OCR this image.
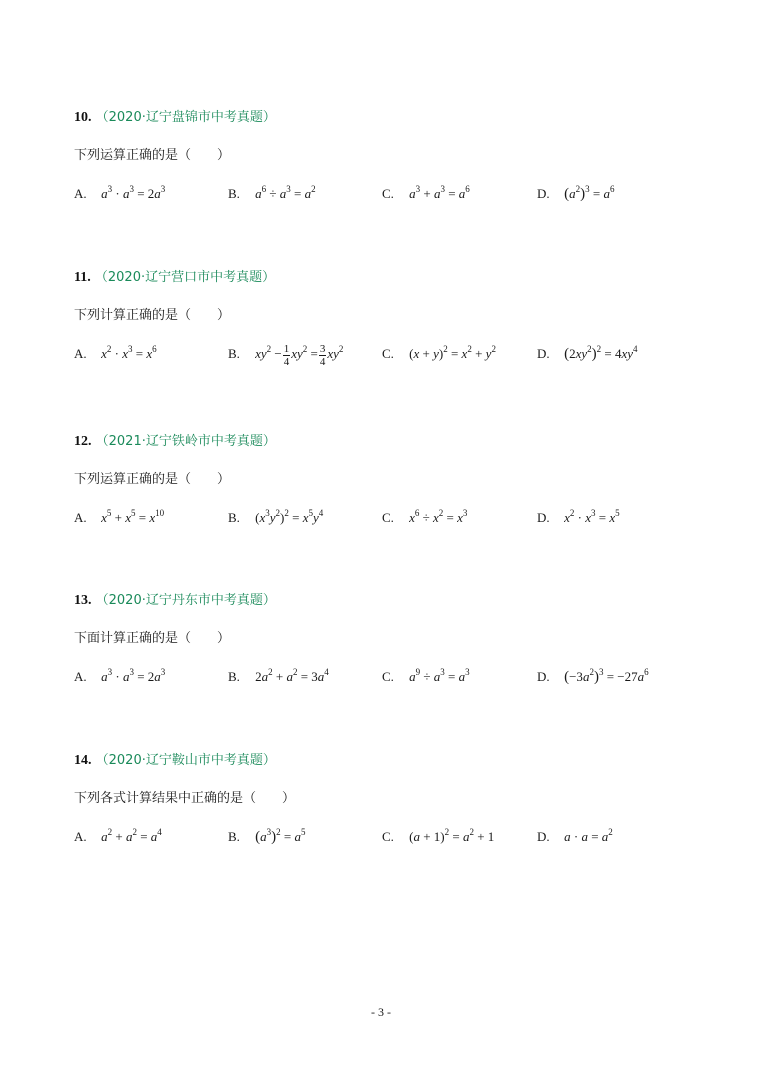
10. （2020·辽宁盘锦市中考真题）
下列运算正确的是（　　）
A. $a^3 \cdot a^3 = 2a^3$	B. $a^6 \div a^3 = a^2$	C. $a^3 + a^3 = a^6$	D. $(a^2)^3 = a^6$
11. （2020·辽宁营口市中考真题）
下列计算正确的是（　　）
A. $x^2 \cdot x^3 = x^6$	B. $xy^2 - \frac{1}{4} xy^2 = \frac{3}{4} xy^2$	C. $(x + y)^2 = x^2 + y^2$	D. $(2xy^2)^2 = 4xy^4$
12. （2021·辽宁铁岭市中考真题）
下列运算正确的是（　　）
A. $x^5 + x^5 = x^{10}$	B. $(x^3y^2)^2 = x^5y^4$	C. $x^6 \div x^2 = x^3$	D. $x^2 \cdot x^3 = x^5$
13. （2020·辽宁丹东市中考真题）
下面计算正确的是（　　）
A. $a^3 \cdot a^3 = 2a^3$	B. $2a^2 + a^2 = 3a^4$	C. $a^9 \div a^3 = a^3$	D. $(-3a^2)^3 = -27a^6$
14. （2020·辽宁鞍山市中考真题）
下列各式计算结果中正确的是（　　）
A. $a^2 + a^2 = a^4$	B. $(a^3)^2 = a^5$	C. $(a + 1)^2 = a^2 + 1$	D. $a \cdot a = a^2$
- 3 -
